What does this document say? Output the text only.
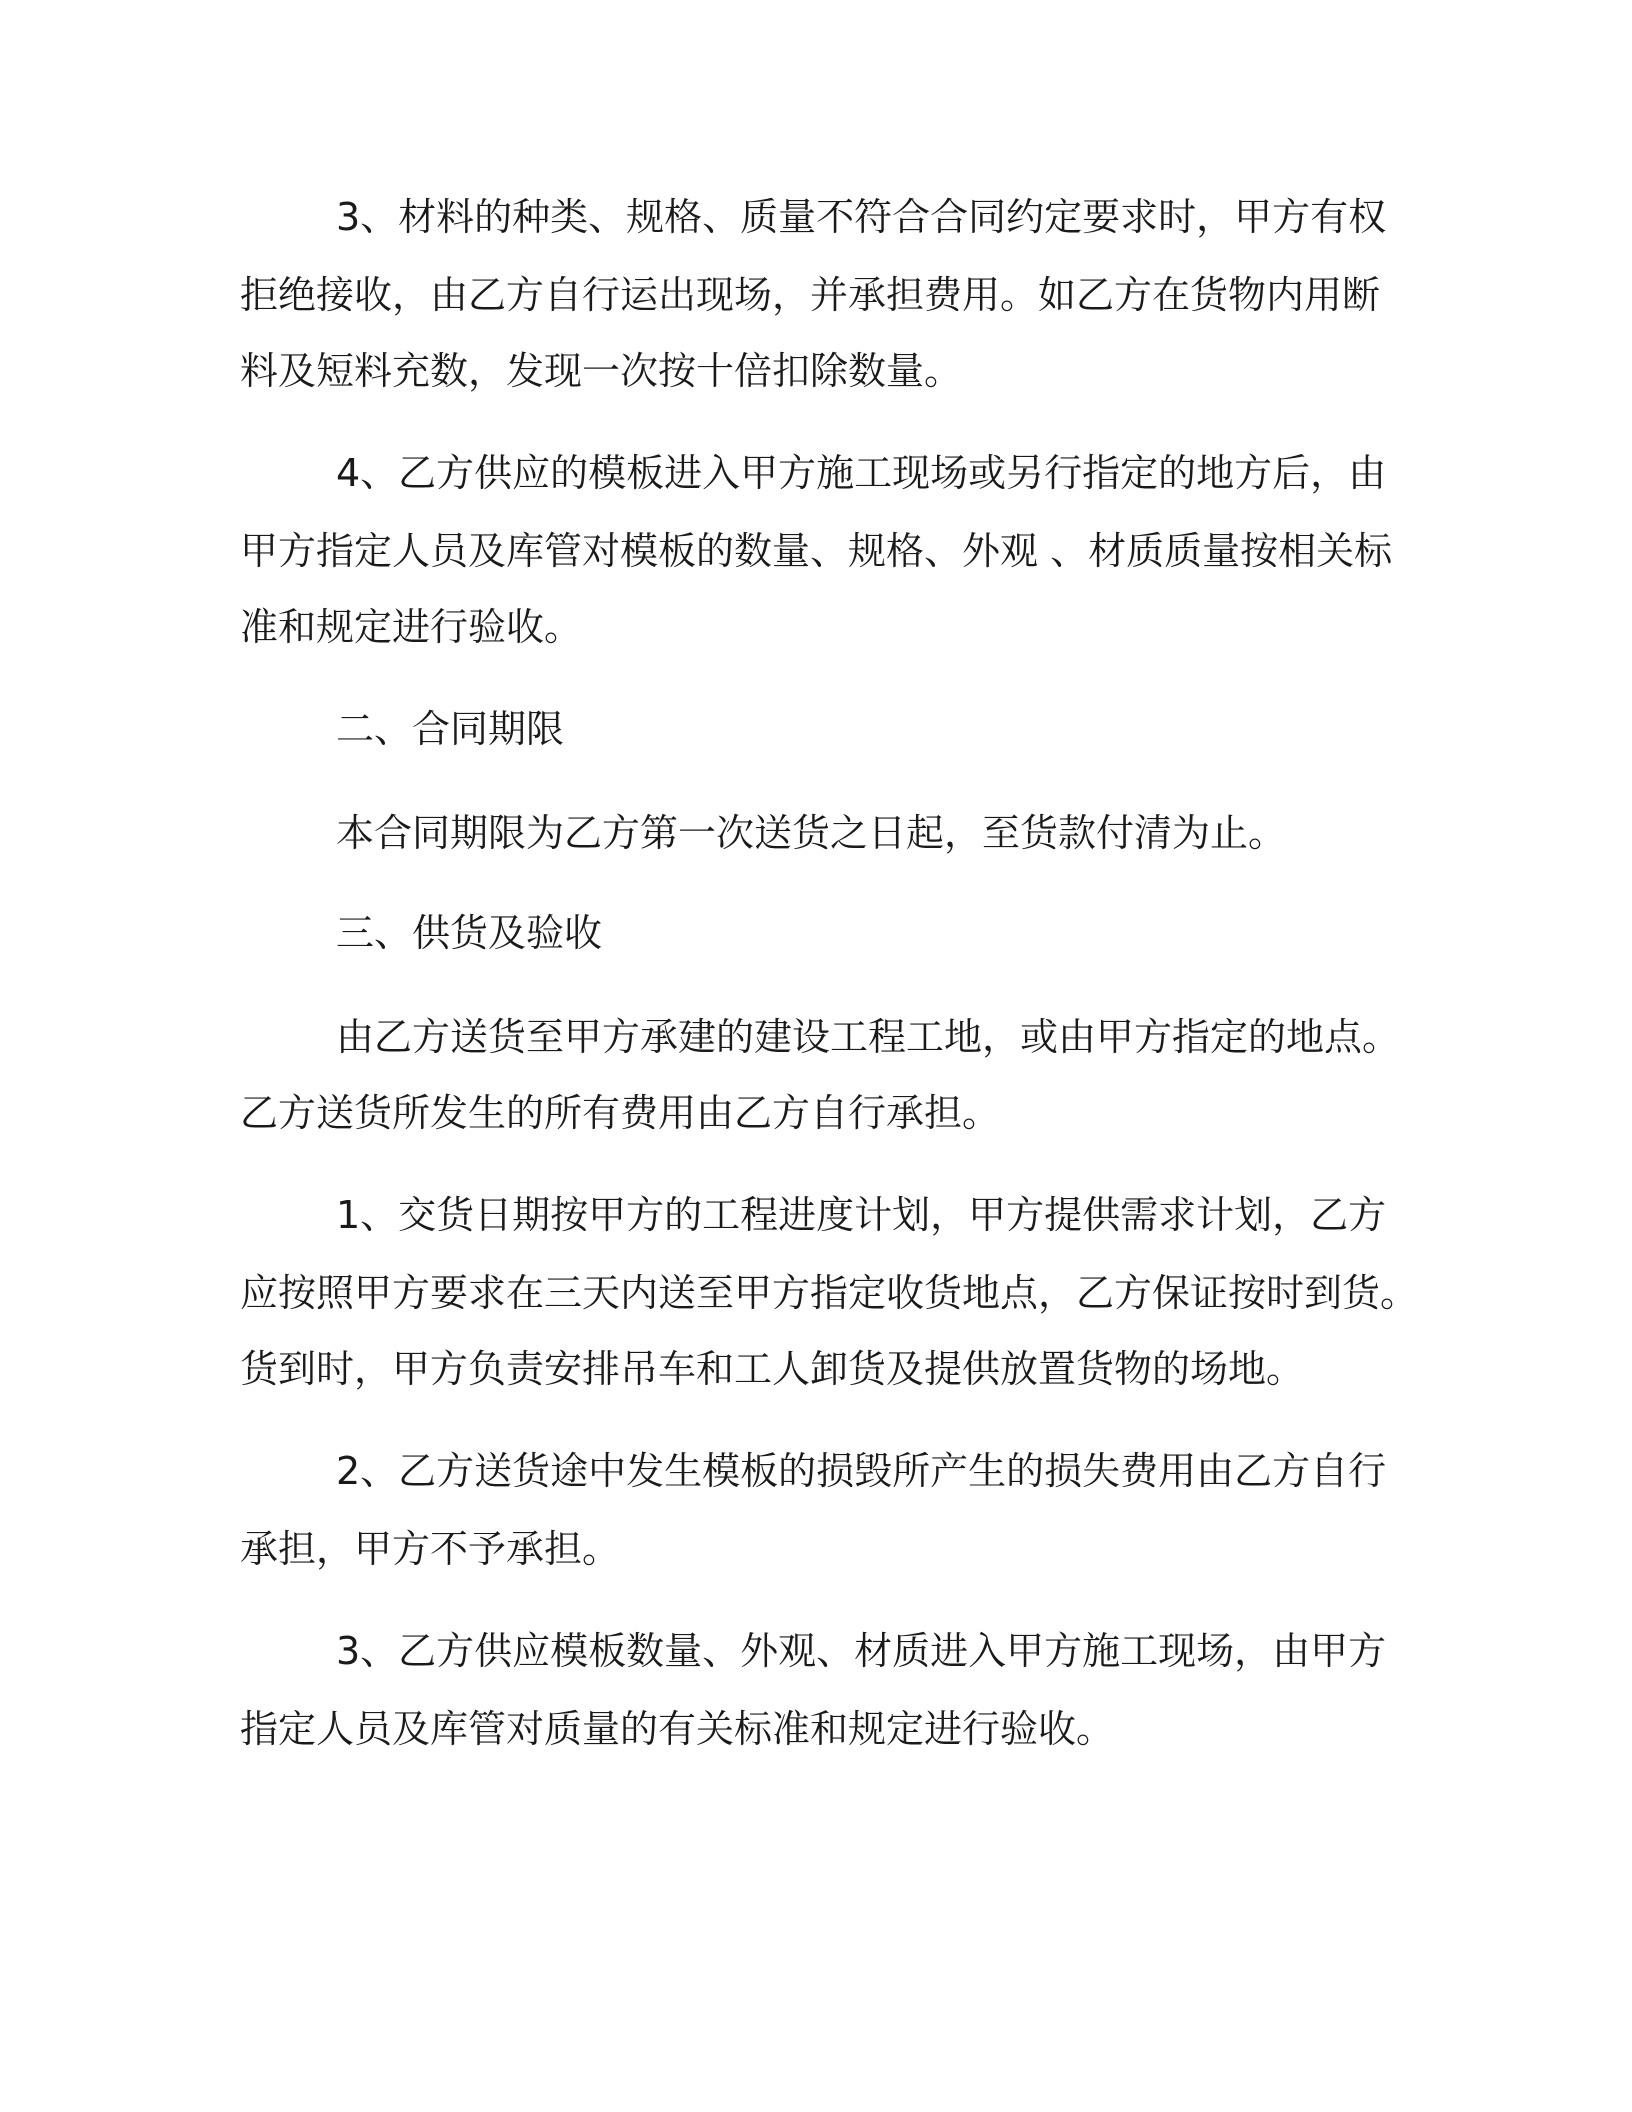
3、材料的种类、规格、质量不符合合同约定要求时，甲方有权
拒绝接收，由乙方自行运出现场，并承担费用。如乙方在货物内用断
料及短料充数，发现一次按十倍扣除数量。
4、乙方供应的模板进入甲方施工现场或另行指定的地方后，由
甲方指定人员及库管对模板的数量、规格、外观 、材质质量按相关标
准和规定进行验收。
二、合同期限
本合同期限为乙方第一次送货之日起，至货款付清为止。
三、供货及验收
由乙方送货至甲方承建的建设工程工地，或由甲方指定的地点。
乙方送货所发生的所有费用由乙方自行承担。
1、交货日期按甲方的工程进度计划，甲方提供需求计划，乙方
应按照甲方要求在三天内送至甲方指定收货地点，乙方保证按时到货。
货到时，甲方负责安排吊车和工人卸货及提供放置货物的场地。
2、乙方送货途中发生模板的损毁所产生的损失费用由乙方自行
承担，甲方不予承担。
3、乙方供应模板数量、外观、材质进入甲方施工现场，由甲方
指定人员及库管对质量的有关标准和规定进行验收。
